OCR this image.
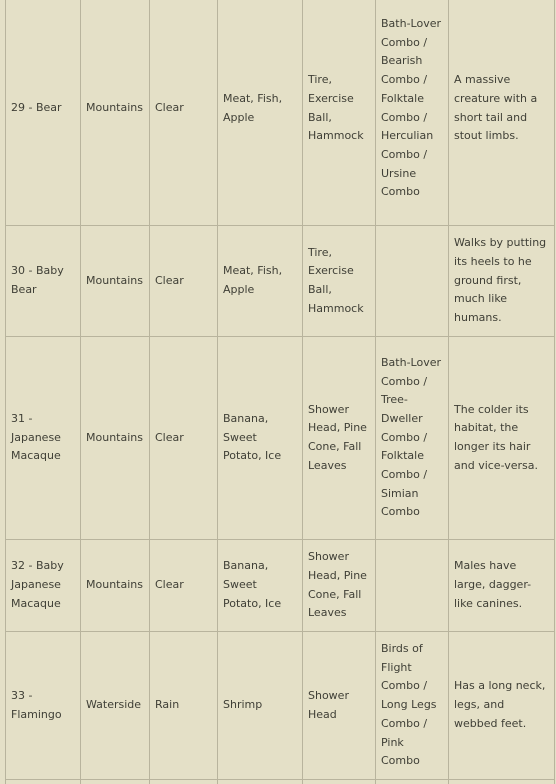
29 - Bear	Mountains	Clear	Meat, Fish, Apple	Tire, Exercise Ball, Hammock	Bath-Lover Combo / Bearish Combo / Folktale Combo / Herculian Combo / Ursine Combo	A massive creature with a short tail and stout limbs.

30 - Baby Bear	Mountains	Clear	Meat, Fish, Apple	Tire, Exercise Ball, Hammock		Walks by putting its heels to he ground first, much like humans.

31 - Japanese Macaque	Mountains	Clear	Banana, Sweet Potato, Ice	Shower Head, Pine Cone, Fall Leaves	Bath-Lover Combo / Tree-Dweller Combo / Folktale Combo / Simian Combo	The colder its habitat, the longer its hair and vice-versa.

32 - Baby Japanese Macaque	Mountains	Clear	Banana, Sweet Potato, Ice	Shower Head, Pine Cone, Fall Leaves		Males have large, dagger-like canines.

33 - Flamingo	Waterside	Rain	Shrimp	Shower Head	Birds of Flight Combo / Long Legs Combo / Pink Combo	Has a long neck, legs, and webbed feet.
